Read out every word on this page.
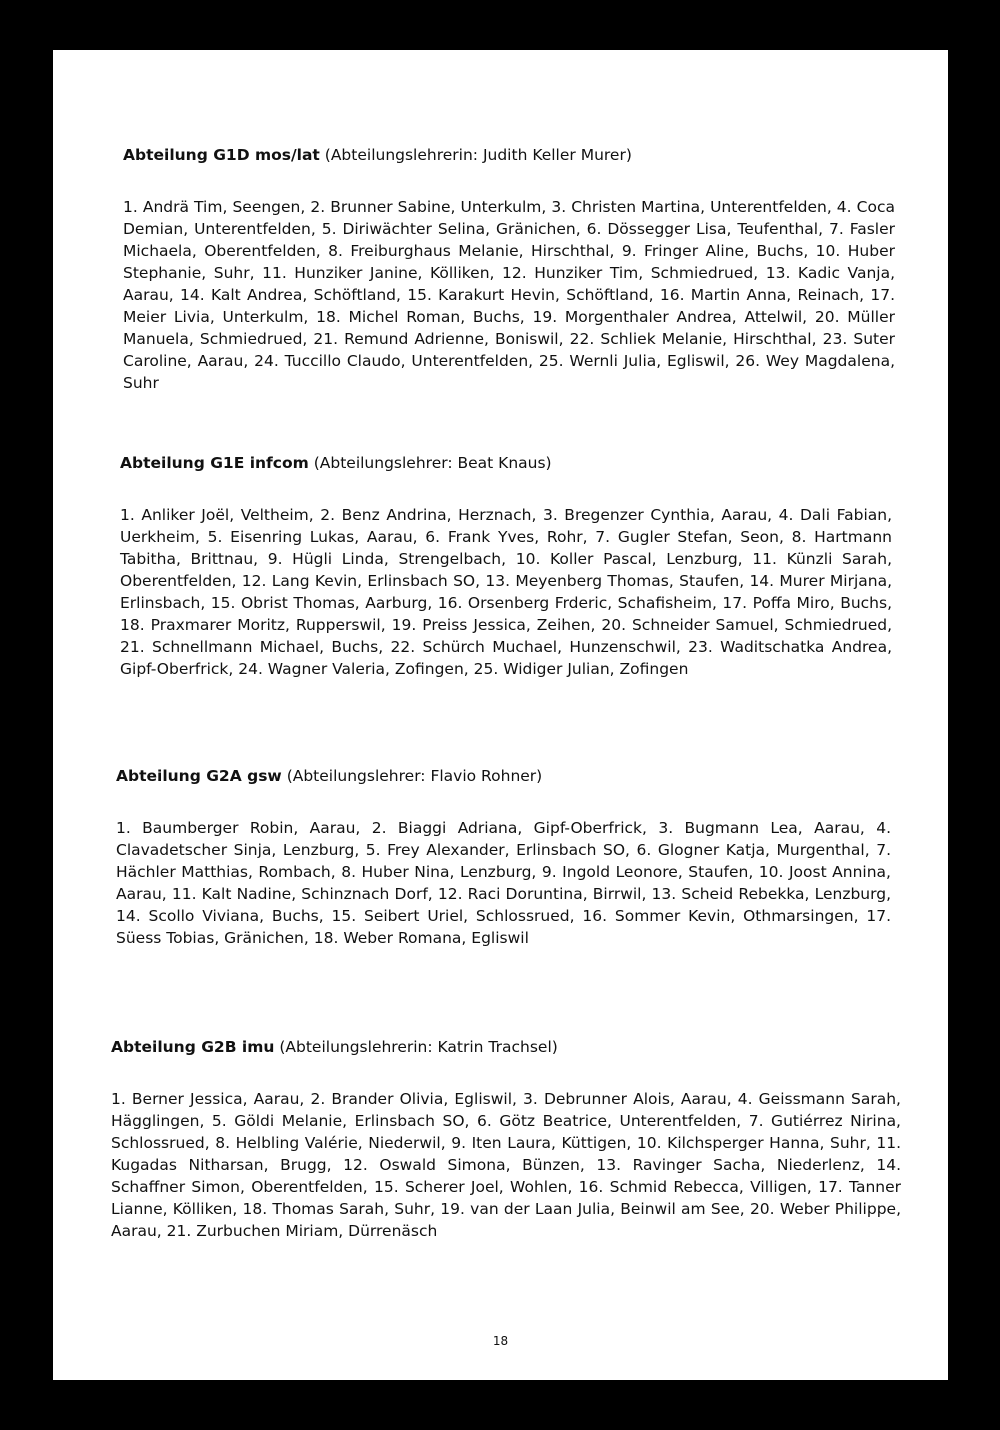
Abteilung G1D mos/lat (Abteilungslehrerin: Judith Keller Murer)
1. Andrä Tim, Seengen, 2. Brunner Sabine, Unterkulm, 3. Christen Martina, Unterentfelden, 4. Coca Demian, Unterentfelden, 5. Diriwächter Selina, Gränichen, 6. Dössegger Lisa, Teufenthal, 7. Fasler Michaela, Oberentfelden, 8. Freiburghaus Melanie, Hirschthal, 9. Fringer Aline, Buchs, 10. Huber Stephanie, Suhr, 11. Hunziker Janine, Kölliken, 12. Hunziker Tim, Schmiedrued, 13. Kadic Vanja, Aarau, 14. Kalt Andrea, Schöftland, 15. Karakurt Hevin, Schöftland, 16. Martin Anna, Reinach, 17. Meier Livia, Unterkulm, 18. Michel Roman, Buchs, 19. Morgenthaler Andrea, Attelwil, 20. Müller Manuela, Schmiedrued, 21. Remund Adrienne, Boniswil, 22. Schliek Melanie, Hirschthal, 23. Suter Caroline, Aarau, 24. Tuccillo Claudo, Unterentfelden, 25. Wernli Julia, Egliswil, 26. Wey Magdalena, Suhr
Abteilung G1E infcom (Abteilungslehrer: Beat Knaus)
1. Anliker Joël, Veltheim, 2. Benz Andrina, Herznach, 3. Bregenzer Cynthia, Aarau, 4. Dali Fabian, Uerkheim, 5. Eisenring Lukas, Aarau, 6. Frank Yves, Rohr, 7. Gugler Stefan, Seon, 8. Hartmann Tabitha, Brittnau, 9. Hügli Linda, Strengelbach, 10. Koller Pascal, Lenzburg, 11. Künzli Sarah, Oberentfelden, 12. Lang Kevin, Erlinsbach SO, 13. Meyenberg Thomas, Staufen, 14. Murer Mirjana, Erlinsbach, 15. Obrist Thomas, Aarburg, 16. Orsenberg Frderic, Schafisheim, 17. Poffa Miro, Buchs, 18. Praxmarer Moritz, Rupperswil, 19. Preiss Jessica, Zeihen, 20. Schneider Samuel, Schmiedrued, 21. Schnellmann Michael, Buchs, 22. Schürch Muchael, Hunzenschwil, 23. Waditschatka Andrea, Gipf-Oberfrick, 24. Wagner Valeria, Zofingen, 25. Widiger Julian, Zofingen
Abteilung G2A gsw (Abteilungslehrer: Flavio Rohner)
1. Baumberger Robin, Aarau, 2. Biaggi Adriana, Gipf-Oberfrick, 3. Bugmann Lea, Aarau, 4. Clavadetscher Sinja, Lenzburg, 5. Frey Alexander, Erlinsbach SO, 6. Glogner Katja, Murgenthal, 7. Hächler Matthias, Rombach, 8. Huber Nina, Lenzburg, 9. Ingold Leonore, Staufen, 10. Joost Annina, Aarau, 11. Kalt Nadine, Schinznach Dorf, 12. Raci Doruntina, Birrwil, 13. Scheid Rebekka, Lenzburg, 14. Scollo Viviana, Buchs, 15. Seibert Uriel, Schlossrued, 16. Sommer Kevin, Othmarsingen, 17. Süess Tobias, Gränichen, 18. Weber Romana, Egliswil
Abteilung G2B imu (Abteilungslehrerin: Katrin Trachsel)
1. Berner Jessica, Aarau, 2. Brander Olivia, Egliswil, 3. Debrunner Alois, Aarau, 4. Geissmann Sarah, Hägglingen, 5. Göldi Melanie, Erlinsbach SO, 6. Götz Beatrice, Unterentfelden, 7. Gutiérrez Nirina, Schlossrued, 8. Helbling Valérie, Niederwil, 9. Iten Laura, Küttigen, 10. Kilchsperger Hanna, Suhr, 11. Kugadas Nitharsan, Brugg, 12. Oswald Simona, Bünzen, 13. Ravinger Sacha, Niederlenz, 14. Schaffner Simon, Oberentfelden, 15. Scherer Joel, Wohlen, 16. Schmid Rebecca, Villigen, 17. Tanner Lianne, Kölliken, 18. Thomas Sarah, Suhr, 19. van der Laan Julia, Beinwil am See, 20. Weber Philippe, Aarau, 21. Zurbuchen Miriam, Dürrenäsch
18
